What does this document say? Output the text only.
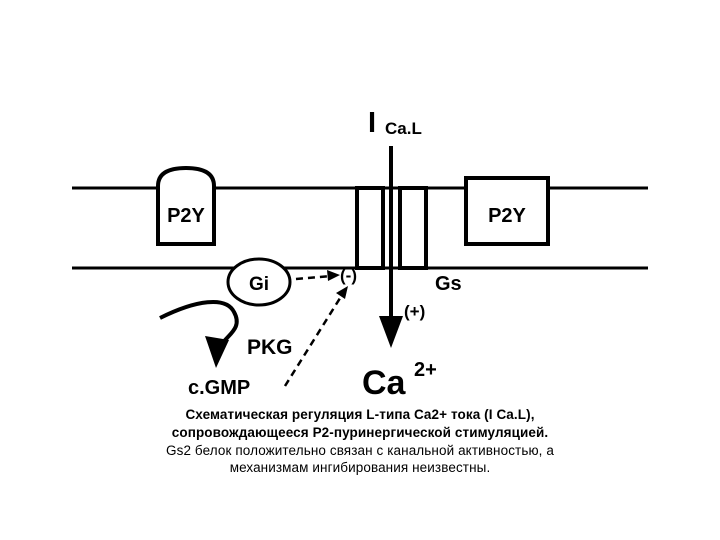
P2Y	P2Y
I Ca.L
Gi	Gs
(-)
(+)
PKG
c.GMP	Ca 2+
Схематическая регуляция L-типа Ca2+ тока (I Ca.L),
сопровождающееся P2-пуринергической стимуляцией.
Gs2 белок положительно связан с канальной активностью, а
механизмам ингибирования неизвестны.
